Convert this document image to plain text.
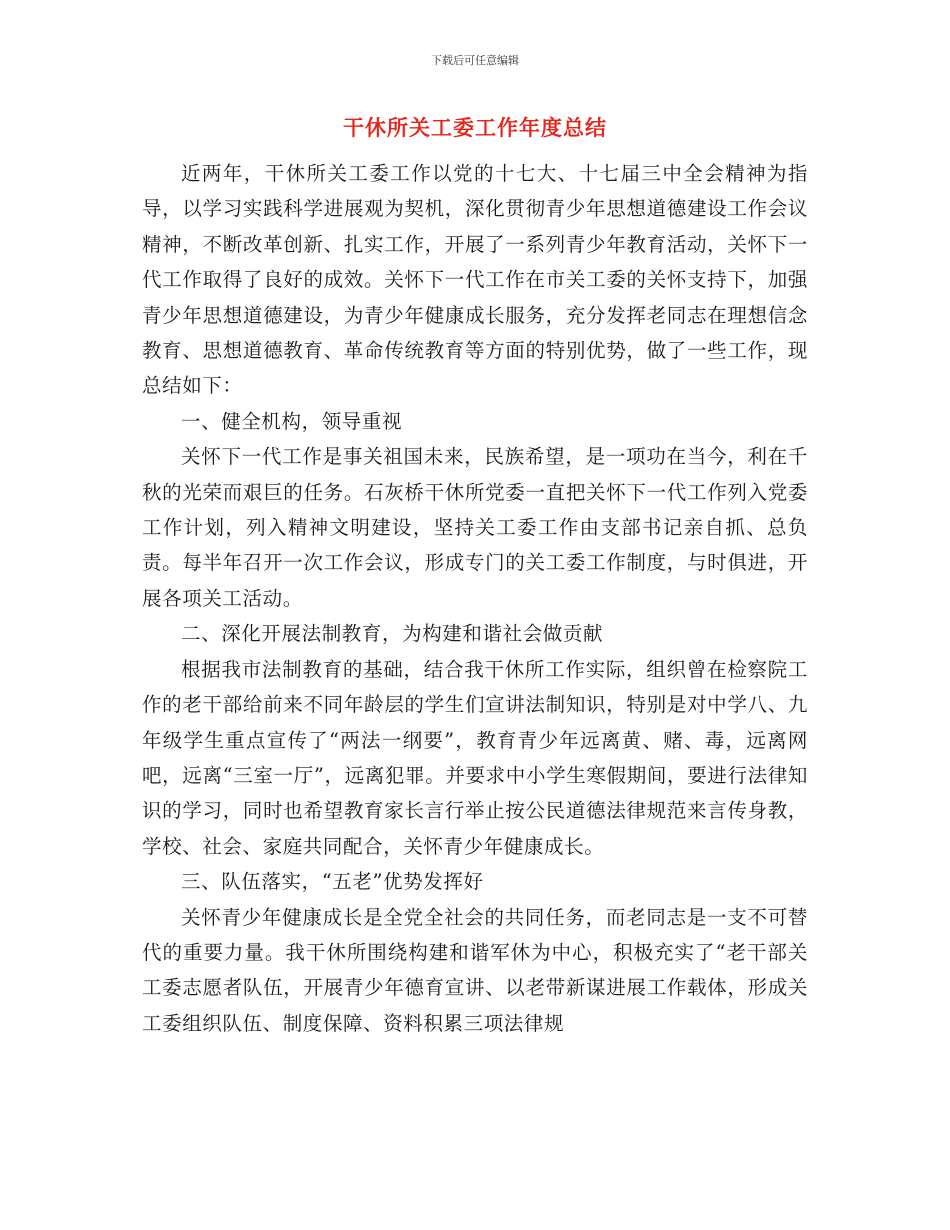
下载后可任意编辑
干休所关工委工作年度总结

近两年，干休所关工委工作以党的十七大、十七届三中全会精神为指导，以学习实践科学进展观为契机，深化贯彻青少年思想道德建设工作会议精神，不断改革创新、扎实工作，开展了一系列青少年教育活动，关怀下一代工作取得了良好的成效。关怀下一代工作在市关工委的关怀支持下，加强青少年思想道德建设，为青少年健康成长服务，充分发挥老同志在理想信念教育、思想道德教育、革命传统教育等方面的特别优势，做了一些工作，现总结如下：

一、健全机构，领导重视

关怀下一代工作是事关祖国未来，民族希望，是一项功在当今，利在千秋的光荣而艰巨的任务。石灰桥干休所党委一直把关怀下一代工作列入党委工作计划，列入精神文明建设，坚持关工委工作由支部书记亲自抓、总负责。每半年召开一次工作会议，形成专门的关工委工作制度，与时俱进，开展各项关工活动。

二、深化开展法制教育，为构建和谐社会做贡献

根据我市法制教育的基础，结合我干休所工作实际，组织曾在检察院工作的老干部给前来不同年龄层的学生们宣讲法制知识，特别是对中学八、九年级学生重点宣传了“两法一纲要”，教育青少年远离黄、赌、毒，远离网吧，远离“三室一厅”，远离犯罪。并要求中小学生寒假期间，要进行法律知识的学习，同时也希望教育家长言行举止按公民道德法律规范来言传身教，学校、社会、家庭共同配合，关怀青少年健康成长。

三、队伍落实，“五老”优势发挥好

关怀青少年健康成长是全党全社会的共同任务，而老同志是一支不可替代的重要力量。我干休所围绕构建和谐军休为中心，积极充实了“老干部关工委志愿者队伍，开展青少年德育宣讲、以老带新谋进展工作载体，形成关工委组织队伍、制度保障、资料积累三项法律规
